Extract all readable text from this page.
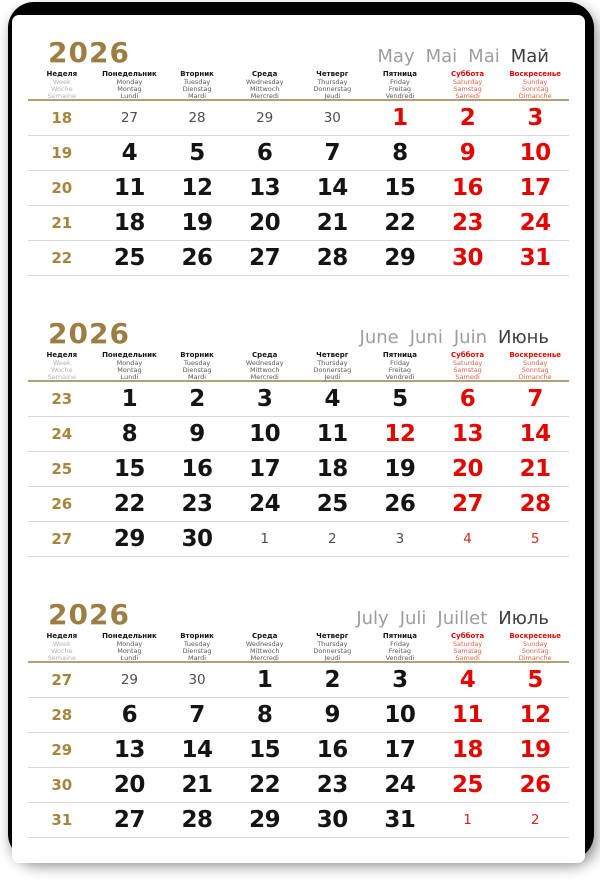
2026	May Mai Mai Май
Неделя
Week
Woche
Semaine
Понедельник
Monday
Montag
Lundi
Вторник
Tuesday
Dienstag
Mardi
Среда
Wednesday
Mittwoch
Mercredi
Четверг
Thursday
Donnerstag
Jeudi
Пятница
Friday
Freitag
Vendredi
Суббота
Saturday
Samstag
Samedi
Воскресенье
Sunday
Sonntag
Dimanche
18	27	28	29	30	1	2	3
19	4	5	6	7	8	9	10
20	11	12	13	14	15	16	17
21	18	19	20	21	22	23	24
22	25	26	27	28	29	30	31
2026	June Juni Juin Июнь
Неделя
Week
Woche
Semaine
Понедельник
Monday
Montag
Lundi
Вторник
Tuesday
Dienstag
Mardi
Среда
Wednesday
Mittwoch
Mercredi
Четверг
Thursday
Donnerstag
Jeudi
Пятница
Friday
Freitag
Vendredi
Суббота
Saturday
Samstag
Samedi
Воскресенье
Sunday
Sonntag
Dimanche
23	1	2	3	4	5	6	7
24	8	9	10	11	12	13	14
25	15	16	17	18	19	20	21
26	22	23	24	25	26	27	28
27	29	30	1	2	3	4	5
2026	July Juli Juillet Июль
Неделя
Week
Woche
Semaine
Понедельник
Monday
Montag
Lundi
Вторник
Tuesday
Dienstag
Mardi
Среда
Wednesday
Mittwoch
Mercredi
Четверг
Thursday
Donnerstag
Jeudi
Пятница
Friday
Freitag
Vendredi
Суббота
Saturday
Samstag
Samedi
Воскресенье
Sunday
Sonntag
Dimanche
27	29	30	1	2	3	4	5
28	6	7	8	9	10	11	12
29	13	14	15	16	17	18	19
30	20	21	22	23	24	25	26
31	27	28	29	30	31	1	2
